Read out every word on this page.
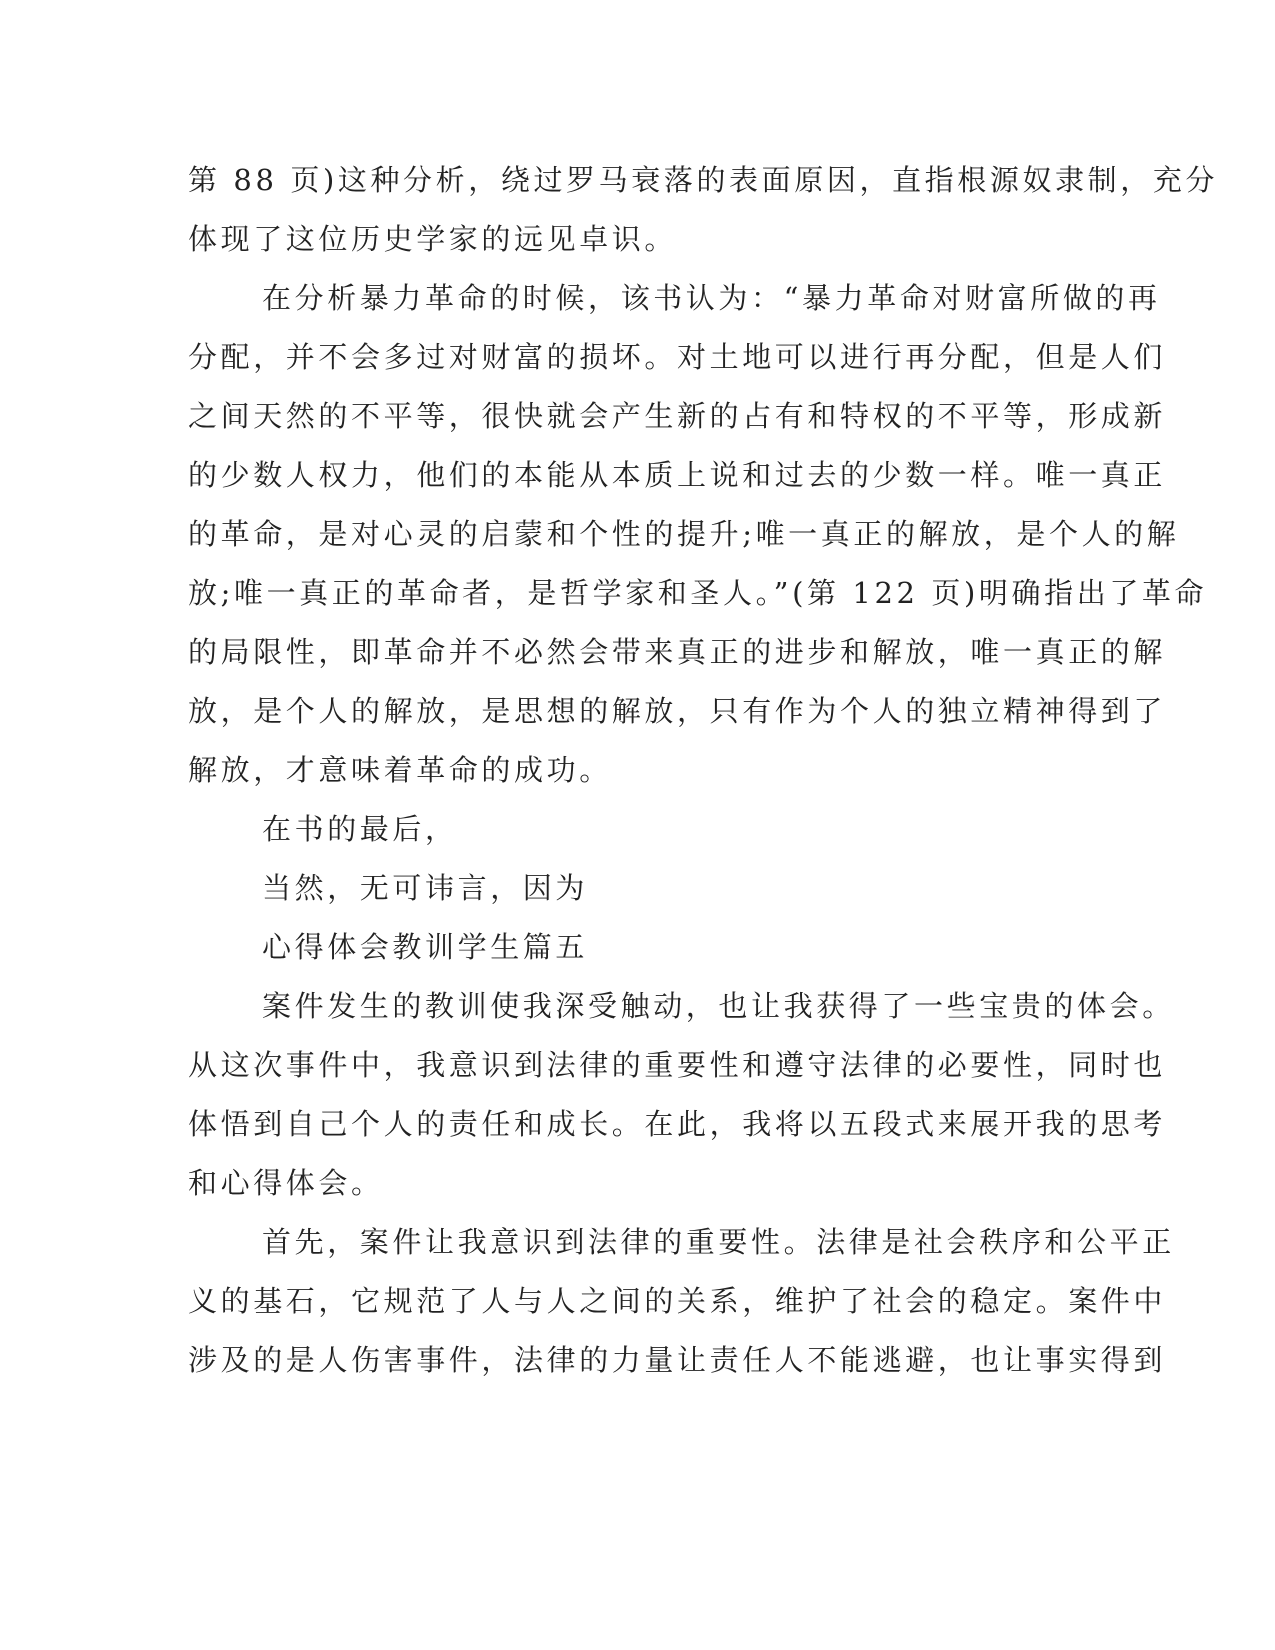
第 88 页)这种分析，绕过罗马衰落的表面原因，直指根源奴隶制，充分
体现了这位历史学家的远见卓识。
在分析暴力革命的时候，该书认为：“暴力革命对财富所做的再
分配，并不会多过对财富的损坏。对土地可以进行再分配，但是人们
之间天然的不平等，很快就会产生新的占有和特权的不平等，形成新
的少数人权力，他们的本能从本质上说和过去的少数一样。唯一真正
的革命，是对心灵的启蒙和个性的提升;唯一真正的解放，是个人的解
放;唯一真正的革命者，是哲学家和圣人。”(第 122 页)明确指出了革命
的局限性，即革命并不必然会带来真正的进步和解放，唯一真正的解
放，是个人的解放，是思想的解放，只有作为个人的独立精神得到了
解放，才意味着革命的成功。
在书的最后，
当然，无可讳言，因为
心得体会教训学生篇五
案件发生的教训使我深受触动，也让我获得了一些宝贵的体会。
从这次事件中，我意识到法律的重要性和遵守法律的必要性，同时也
体悟到自己个人的责任和成长。在此，我将以五段式来展开我的思考
和心得体会。
首先，案件让我意识到法律的重要性。法律是社会秩序和公平正
义的基石，它规范了人与人之间的关系，维护了社会的稳定。案件中
涉及的是人伤害事件，法律的力量让责任人不能逃避，也让事实得到
